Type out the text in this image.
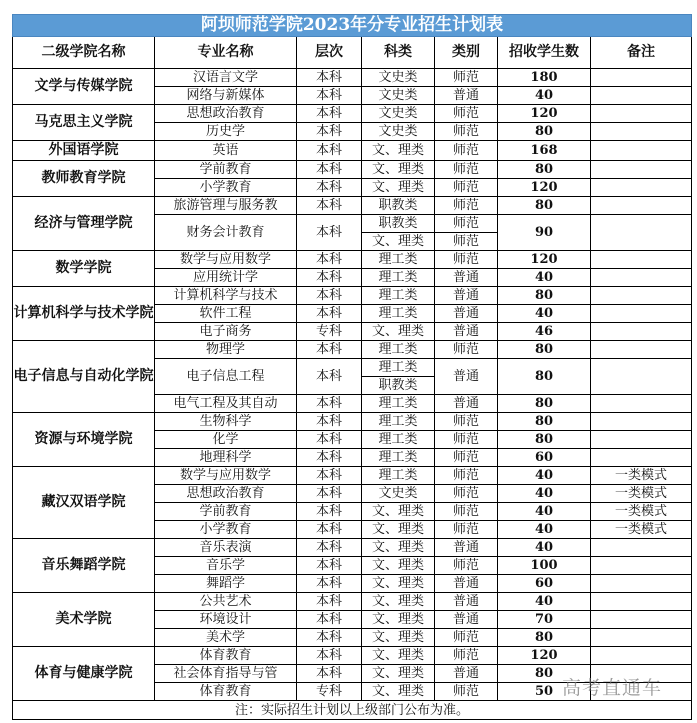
阿坝师范学院2023年分专业招生计划表						
二级学院名称	专业名称	层次	科类	类别	招收学生数	备注
文学与传媒学院	汉语言文学	本科	文史类	师范	180	
	网络与新媒体	本科	文史类	普通	40	
马克思主义学院	思想政治教育	本科	文史类	师范	120	
	历史学	本科	文史类	师范	80	
外国语学院	英语	本科	文、理类	师范	168	
教师教育学院	学前教育	本科	文、理类	师范	80	
	小学教育	本科	文、理类	师范	120	
经济与管理学院	旅游管理与服务教	本科	职教类	师范	80	
	财务会计教育	本科	职教类	师范	90	
			文、理类	师范		
数学学院	数学与应用数学	本科	理工类	师范	120	
	应用统计学	本科	理工类	普通	40	
计算机科学与技术学院	计算机科学与技术	本科	理工类	普通	80	
	软件工程	本科	理工类	普通	40	
	电子商务	专科	文、理类	普通	46	
电子信息与自动化学院	物理学	本科	理工类	师范	80	
	电子信息工程	本科	理工类	普通	80	
			职教类			
	电气工程及其自动	本科	理工类	普通	80	
资源与环境学院	生物科学	本科	理工类	师范	80	
	化学	本科	理工类	师范	80	
	地理科学	本科	理工类	师范	60	
藏汉双语学院	数学与应用数学	本科	理工类	师范	40	一类模式
	思想政治教育	本科	文史类	师范	40	一类模式
	学前教育	本科	文、理类	师范	40	一类模式
	小学教育	本科	文、理类	师范	40	一类模式
音乐舞蹈学院	音乐表演	本科	文、理类	普通	40	
	音乐学	本科	文、理类	师范	100	
	舞蹈学	本科	文、理类	普通	60	
美术学院	公共艺术	本科	文、理类	普通	40	
	环境设计	本科	文、理类	普通	70	
	美术学	本科	文、理类	师范	80	
体育与健康学院	体育教育	本科	文、理类	师范	120	
	社会体育指导与管	本科	文、理类	普通	80	
	体育教育	专科	文、理类	师范	50	
注：实际招生计划以上级部门公布为准。						
高考直通车
